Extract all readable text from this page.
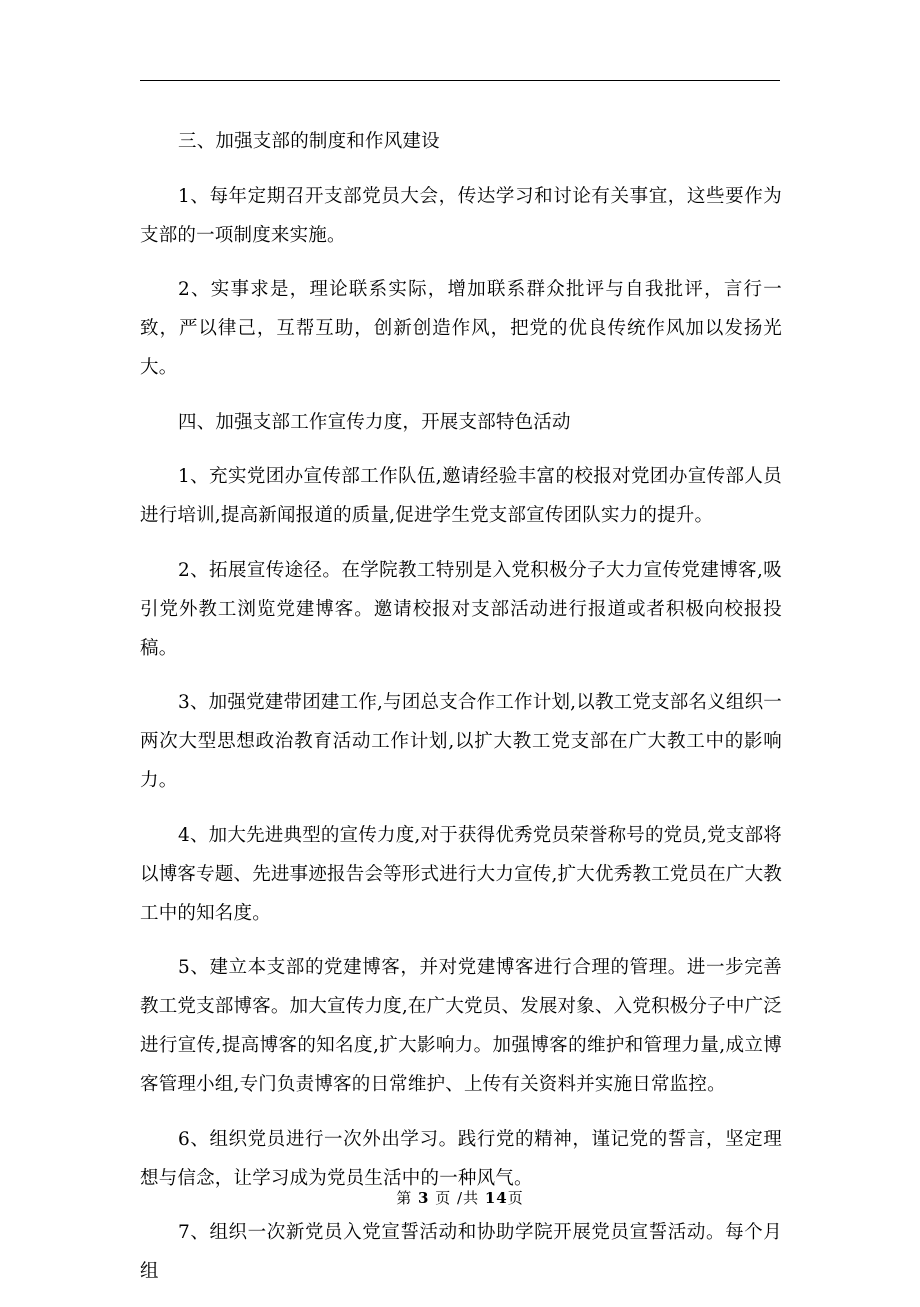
三、加强支部的制度和作风建设

1、每年定期召开支部党员大会，传达学习和讨论有关事宜，这些要作为支部的一项制度来实施。

2、实事求是，理论联系实际，增加联系群众批评与自我批评，言行一致，严以律己，互帮互助，创新创造作风，把党的优良传统作风加以发扬光大。

四、加强支部工作宣传力度，开展支部特色活动

1、充实党团办宣传部工作队伍,邀请经验丰富的校报对党团办宣传部人员进行培训,提高新闻报道的质量,促进学生党支部宣传团队实力的提升。

2、拓展宣传途径。在学院教工特别是入党积极分子大力宣传党建博客,吸引党外教工浏览党建博客。邀请校报对支部活动进行报道或者积极向校报投稿。

3、加强党建带团建工作,与团总支合作工作计划,以教工党支部名义组织一两次大型思想政治教育活动工作计划,以扩大教工党支部在广大教工中的影响力。

4、加大先进典型的宣传力度,对于获得优秀党员荣誉称号的党员,党支部将以博客专题、先进事迹报告会等形式进行大力宣传,扩大优秀教工党员在广大教工中的知名度。

5、建立本支部的党建博客，并对党建博客进行合理的管理。进一步完善教工党支部博客。加大宣传力度,在广大党员、发展对象、入党积极分子中广泛进行宣传,提高博客的知名度,扩大影响力。加强博客的维护和管理力量,成立博客管理小组,专门负责博客的日常维护、上传有关资料并实施日常监控。

6、组织党员进行一次外出学习。践行党的精神，谨记党的誓言，坚定理想与信念，让学习成为党员生活中的一种风气。

7、组织一次新党员入党宣誓活动和协助学院开展党员宣誓活动。每个月组

第 3 页 /共 14页
